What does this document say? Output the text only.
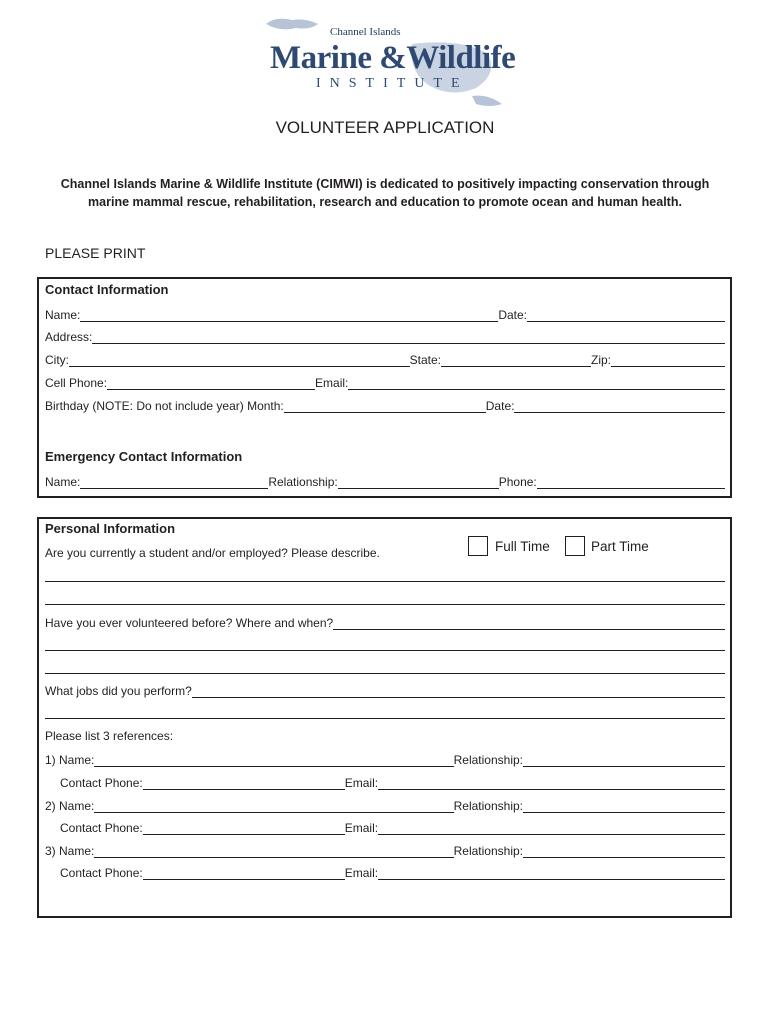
Channel Islands
Marine &Wildlife
INSTITUTE
VOLUNTEER APPLICATION
Channel Islands Marine & Wildlife Institute (CIMWI) is dedicated to positively impacting conservation through marine mammal rescue, rehabilitation, research and education to promote ocean and human health.
PLEASE PRINT
Contact Information
Name:	Date:
Address:
City:	State:	Zip:
Cell Phone:	Email:
Birthday (NOTE: Do not include year) Month:	Date:
Emergency Contact Information
Name:	Relationship:	Phone:
Personal Information
Are you currently a student and/or employed? Please describe.	Full Time	Part Time
Have you ever volunteered before? Where and when?
What jobs did you perform?
Please list 3 references:
1) Name:	Relationship:
Contact Phone:	Email:
2) Name:	Relationship:
Contact Phone:	Email:
3) Name:	Relationship:
Contact Phone:	Email:
